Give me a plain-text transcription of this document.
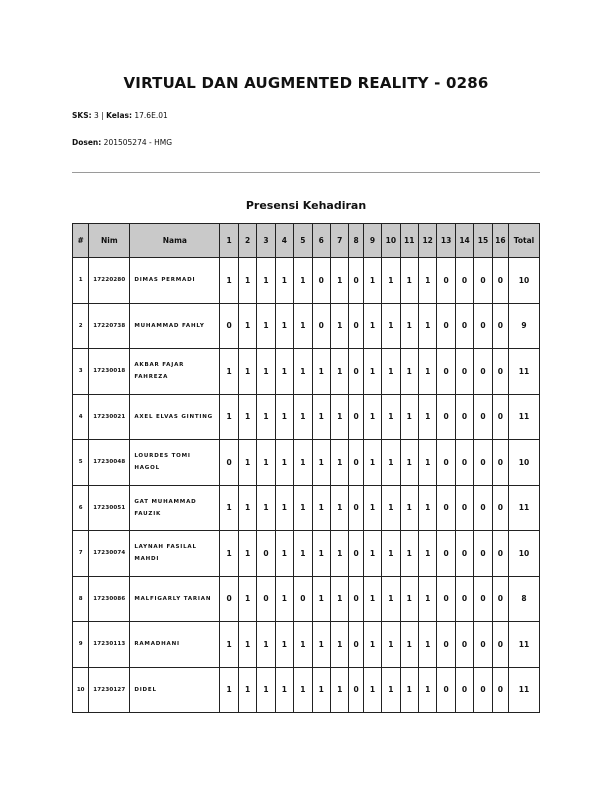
VIRTUAL DAN AUGMENTED REALITY - 0286
SKS: 3 | Kelas: 17.6E.01
Dosen: 201505274 - HMG
Presensi Kehadiran
#	Nim	Nama	1	2	3	4	5	6	7	8	9	10	11	12	13	14	15	16	Total
1	17220280	DIMAS PERMADI	1	1	1	1	1	0	1	0	1	1	1	1	0	0	0	0	10
2	17220738	MUHAMMAD FAHLY	0	1	1	1	1	0	1	0	1	1	1	1	0	0	0	0	9
3	17230018	AKBAR FAJAR FAHREZA	1	1	1	1	1	1	1	0	1	1	1	1	0	0	0	0	11
4	17230021	AXEL ELVAS GINTING	1	1	1	1	1	1	1	0	1	1	1	1	0	0	0	0	11
5	17230048	LOURDES TOMI HAGOL	0	1	1	1	1	1	1	0	1	1	1	1	0	0	0	0	10
6	17230051	GAT MUHAMMAD FAUZIK	1	1	1	1	1	1	1	0	1	1	1	1	0	0	0	0	11
7	17230074	LAYNAH FASILAL MAHDI	1	1	0	1	1	1	1	0	1	1	1	1	0	0	0	0	10
8	17230086	MALFIGARLY TARIAN	0	1	0	1	0	1	1	0	1	1	1	1	0	0	0	0	8
9	17230113	RAMADHANI	1	1	1	1	1	1	1	0	1	1	1	1	0	0	0	0	11
10	17230127	DIDEL	1	1	1	1	1	1	1	0	1	1	1	1	0	0	0	0	11
